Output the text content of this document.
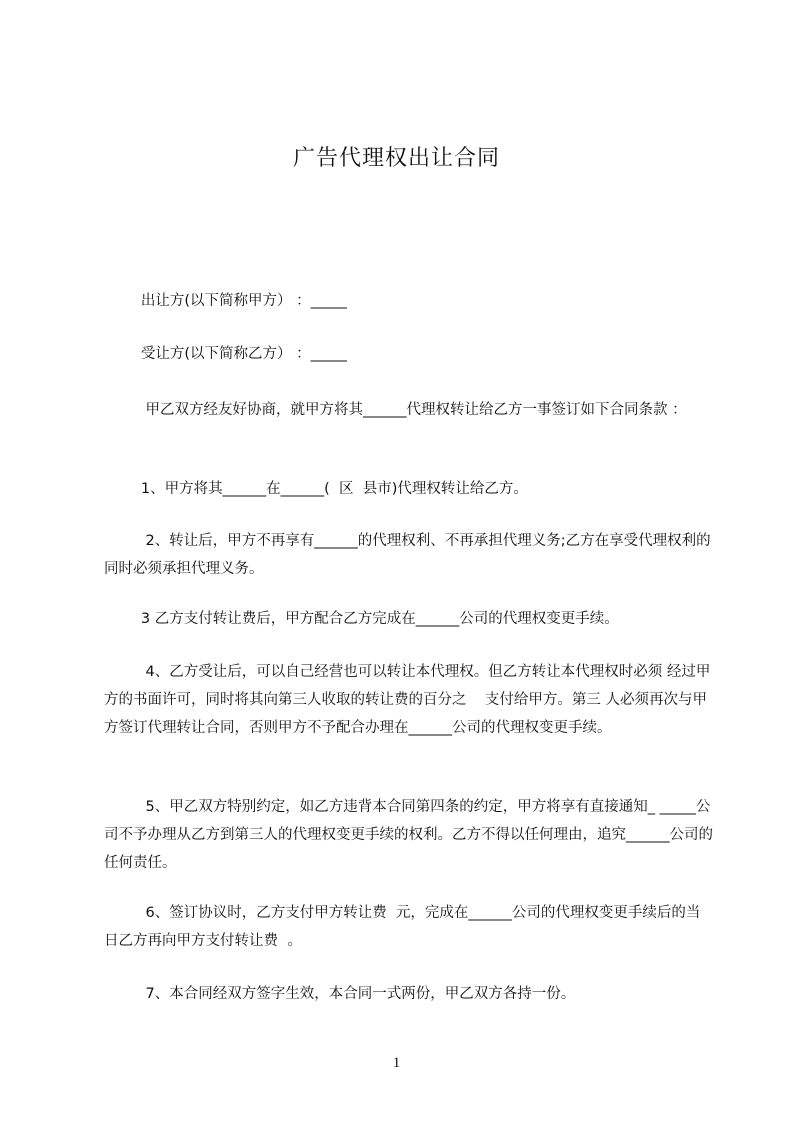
广告代理权出让合同

出让方(以下简称甲方） ：_____

受让方(以下简称乙方） ：_____

甲乙双方经友好协商，就甲方将其______代理权转让给乙方一事签订如下合同条款 ：

1、甲方将其______在______(  区  县市)代理权转让给乙方。

2、转让后，甲方不再享有______的代理权利、不再承担代理义务;乙方在享受代理权利的同时必须承担代理义务。

3 乙方支付转让费后，甲方配合乙方完成在______公司的代理权变更手续。

4、乙方受让后，可以自己经营也可以转让本代理权。但乙方转让本代理权时必须 经过甲方的书面许可，同时将其向第三人收取的转让费的百分之    支付给甲方。第三 人必须再次与甲方签订代理转让合同，否则甲方不予配合办理在______公司的代理权变更手续。

5、甲乙双方特别约定，如乙方违背本合同第四条的约定，甲方将享有直接通知_ _____公司不予办理从乙方到第三人的代理权变更手续的权利。乙方不得以任何理由，追究______公司的任何责任。

6、签订协议时，乙方支付甲方转让费  元，完成在______公司的代理权变更手续后的当日乙方再向甲方支付转让费  。

7、本合同经双方签字生效，本合同一式两份，甲乙双方各持一份。

1
